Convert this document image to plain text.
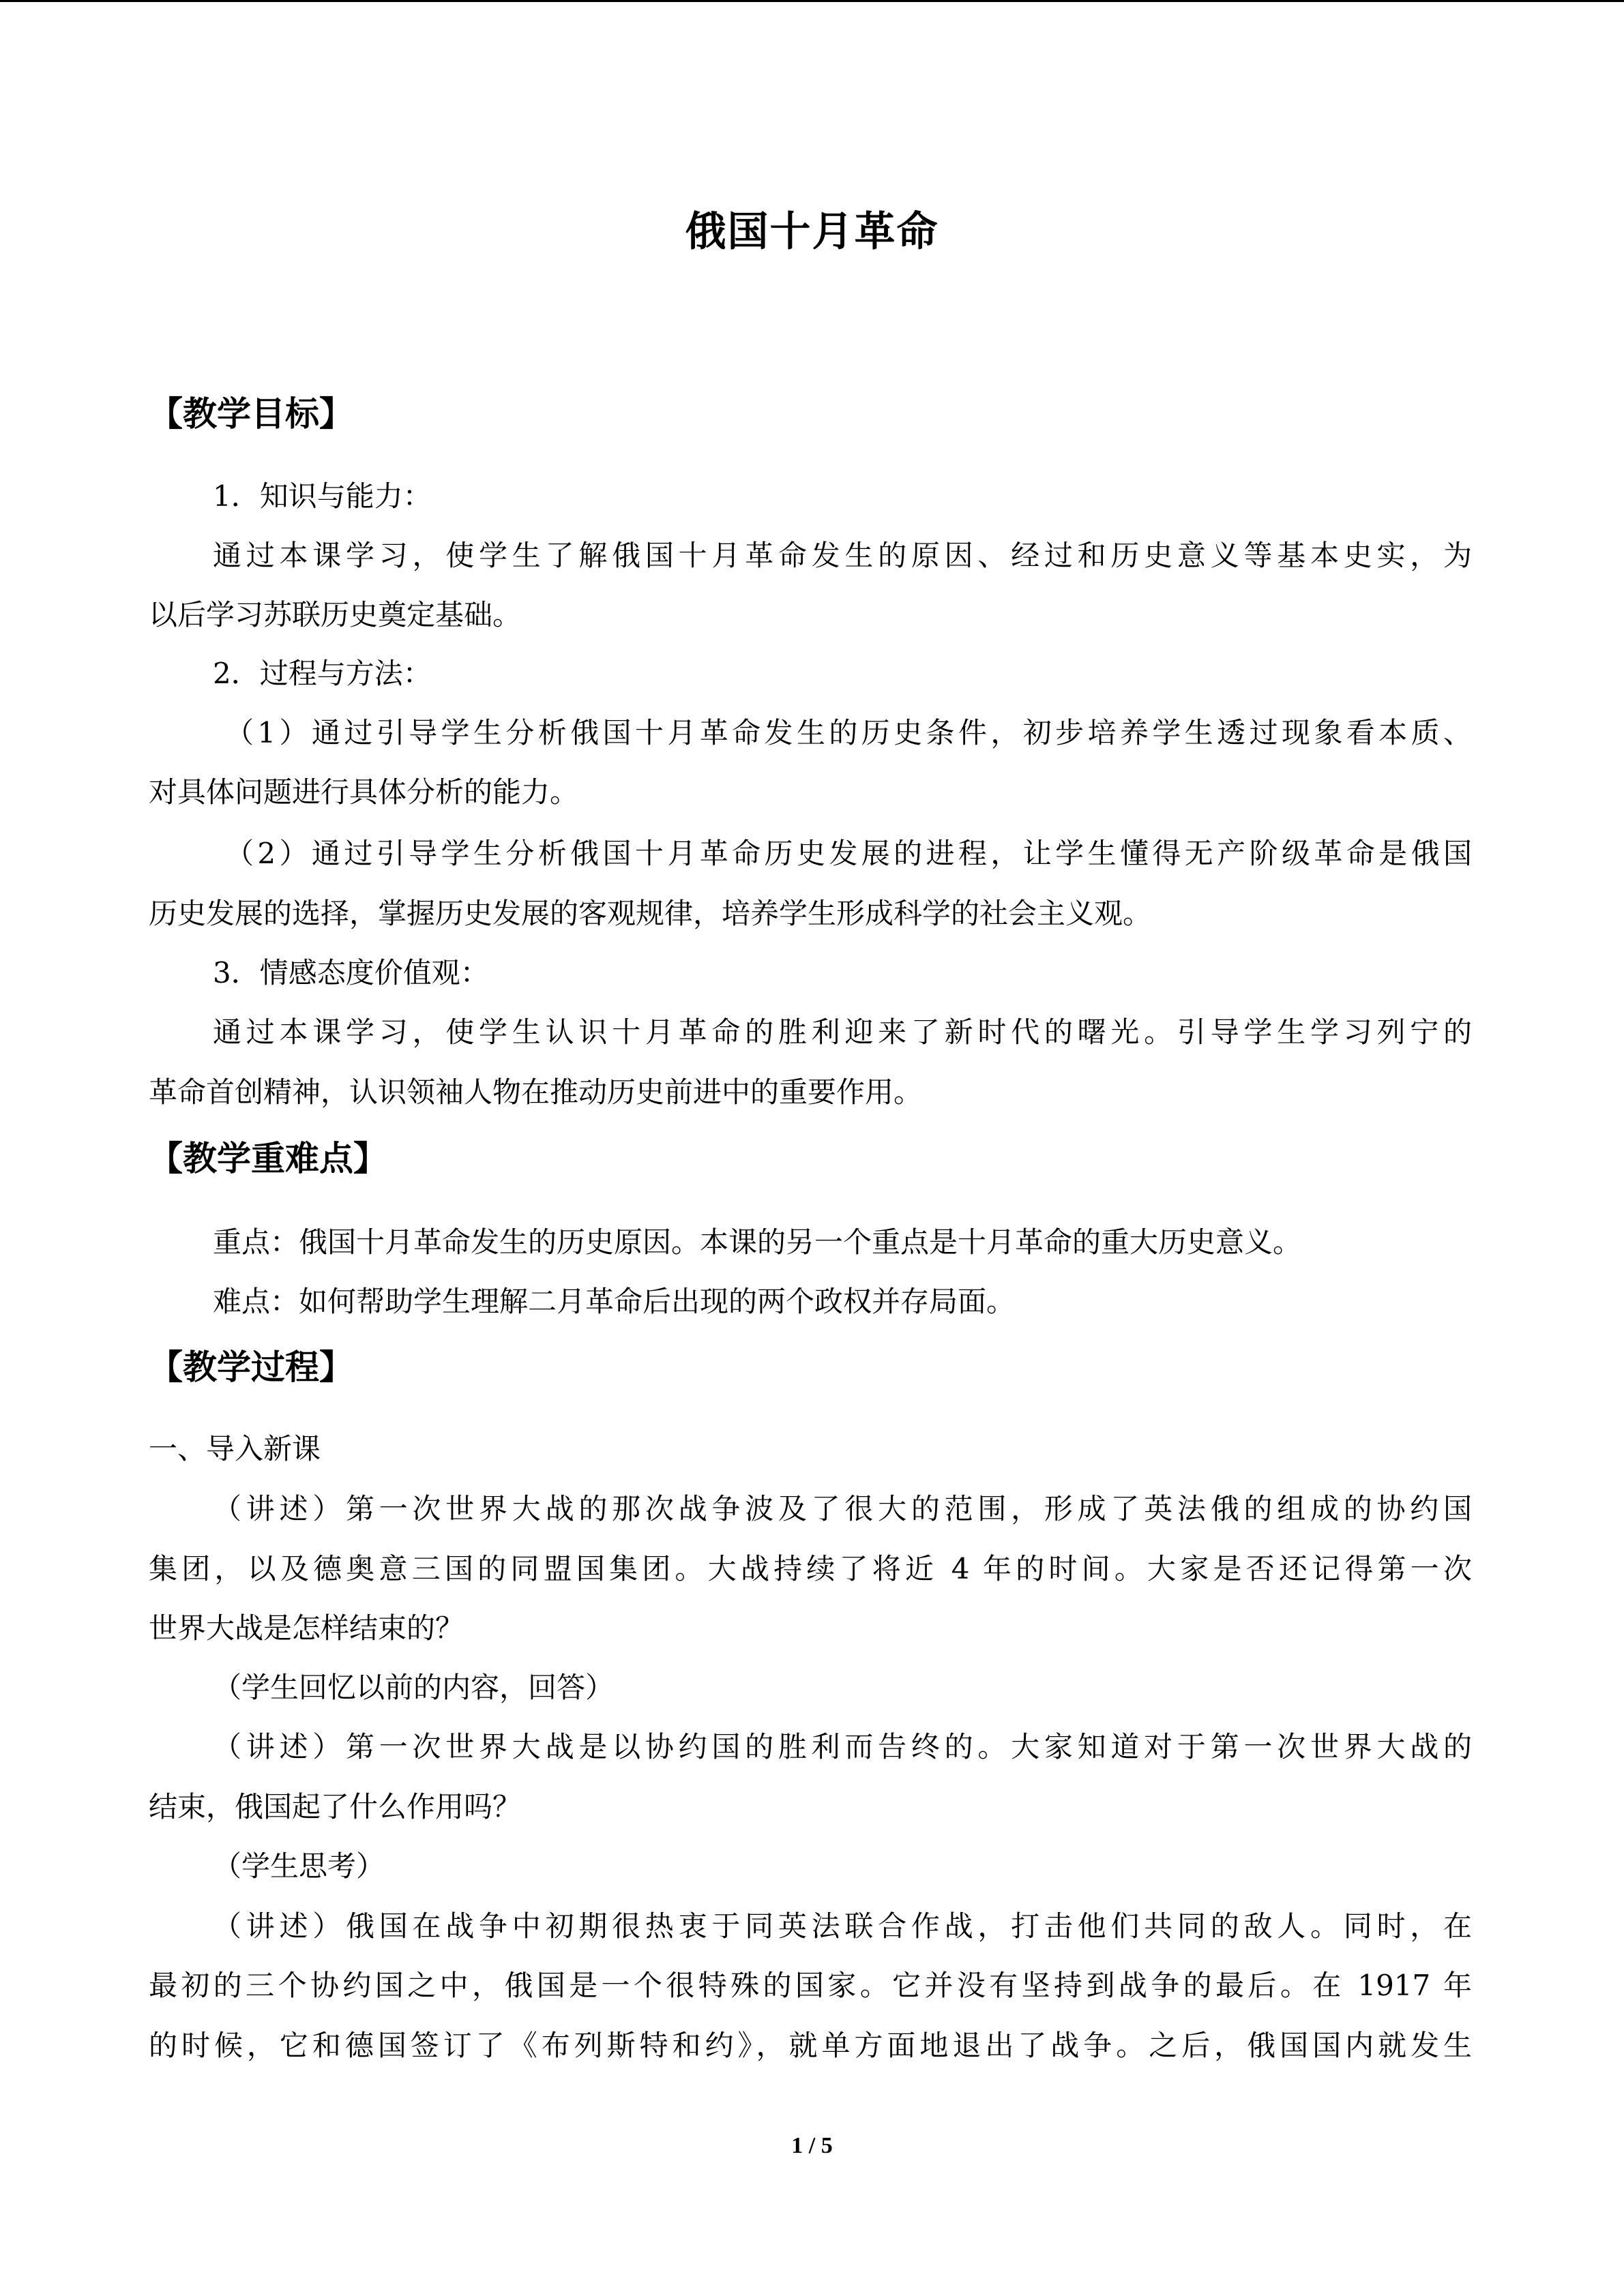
俄国十月革命
【教学目标】
1．知识与能力：
通过本课学习，使学生了解俄国十月革命发生的原因、经过和历史意义等基本史实，为
以后学习苏联历史奠定基础。
2．过程与方法：
（1）通过引导学生分析俄国十月革命发生的历史条件，初步培养学生透过现象看本质、
对具体问题进行具体分析的能力。
（2）通过引导学生分析俄国十月革命历史发展的进程，让学生懂得无产阶级革命是俄国
历史发展的选择，掌握历史发展的客观规律，培养学生形成科学的社会主义观。
3．情感态度价值观：
通过本课学习，使学生认识十月革命的胜利迎来了新时代的曙光。引导学生学习列宁的
革命首创精神，认识领袖人物在推动历史前进中的重要作用。
【教学重难点】
重点：俄国十月革命发生的历史原因。本课的另一个重点是十月革命的重大历史意义。
难点：如何帮助学生理解二月革命后出现的两个政权并存局面。
【教学过程】
一、导入新课
（讲述）第一次世界大战的那次战争波及了很大的范围，形成了英法俄的组成的协约国
集团，以及德奥意三国的同盟国集团。大战持续了将近 4 年的时间。大家是否还记得第一次
世界大战是怎样结束的？
（学生回忆以前的内容，回答）
（讲述）第一次世界大战是以协约国的胜利而告终的。大家知道对于第一次世界大战的
结束，俄国起了什么作用吗？
（学生思考）
（讲述）俄国在战争中初期很热衷于同英法联合作战，打击他们共同的敌人。同时，在
最初的三个协约国之中，俄国是一个很特殊的国家。它并没有坚持到战争的最后。在 1917 年
的时候，它和德国签订了《布列斯特和约》，就单方面地退出了战争。之后，俄国国内就发生
1 / 5
